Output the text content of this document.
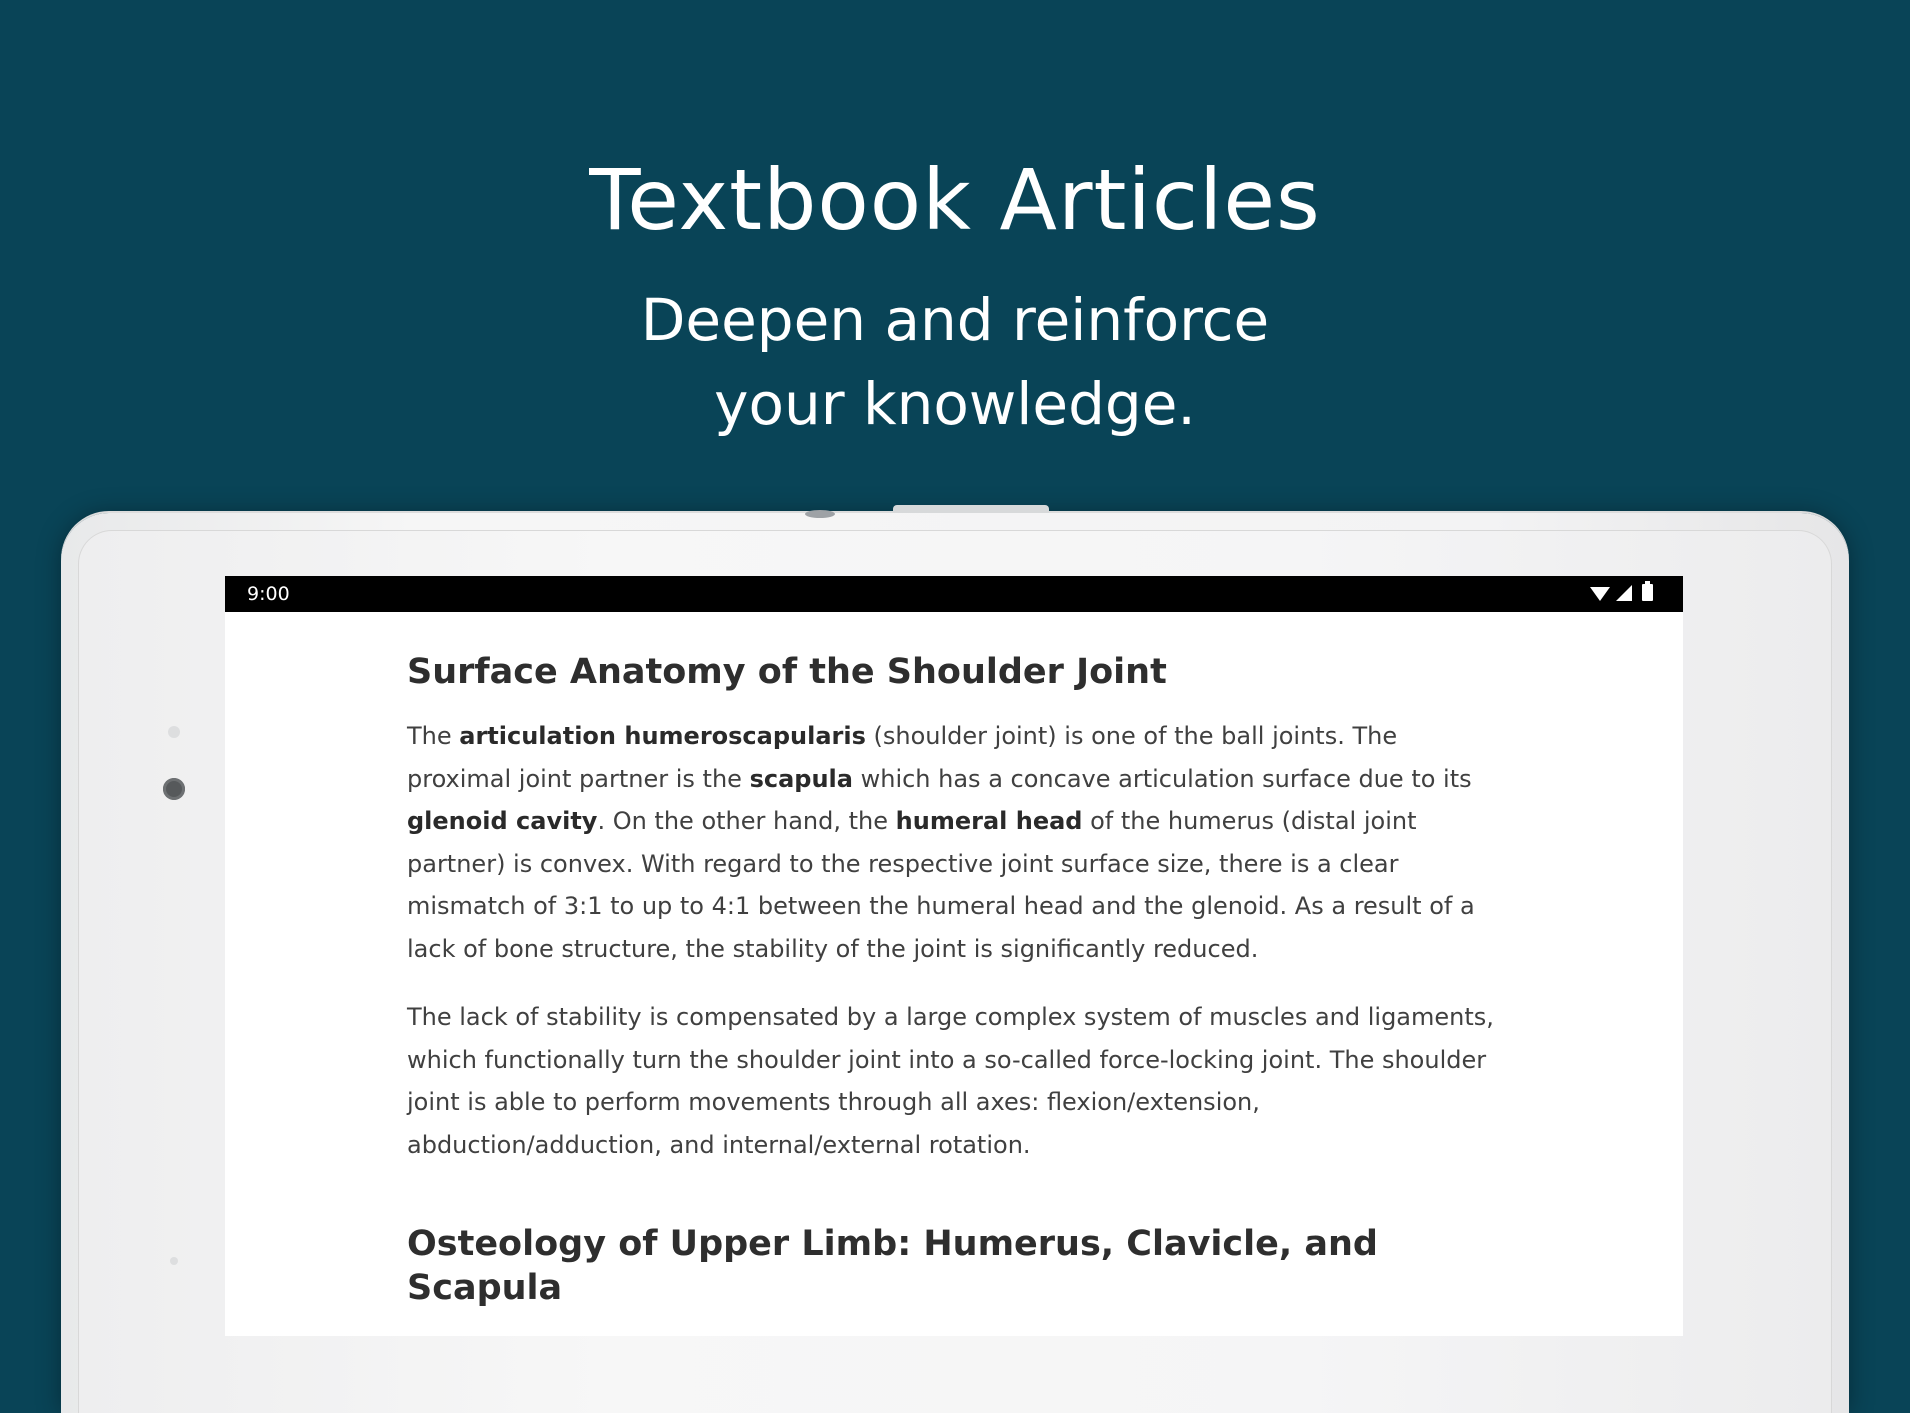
Textbook Articles

Deepen and reinforce
your knowledge.

9:00
Surface Anatomy of the Shoulder Joint

The articulation humeroscapularis (shoulder joint) is one of the ball joints. The proximal joint partner is the scapula which has a concave articulation surface due to its glenoid cavity. On the other hand, the humeral head of the humerus (distal joint partner) is convex. With regard to the respective joint surface size, there is a clear mismatch of 3:1 to up to 4:1 between the humeral head and the glenoid. As a result of a lack of bone structure, the stability of the joint is significantly reduced.

The lack of stability is compensated by a large complex system of muscles and ligaments, which functionally turn the shoulder joint into a so-called force-locking joint. The shoulder joint is able to perform movements through all axes: flexion/extension, abduction/adduction, and internal/external rotation.

Osteology of Upper Limb: Humerus, Clavicle, and Scapula
